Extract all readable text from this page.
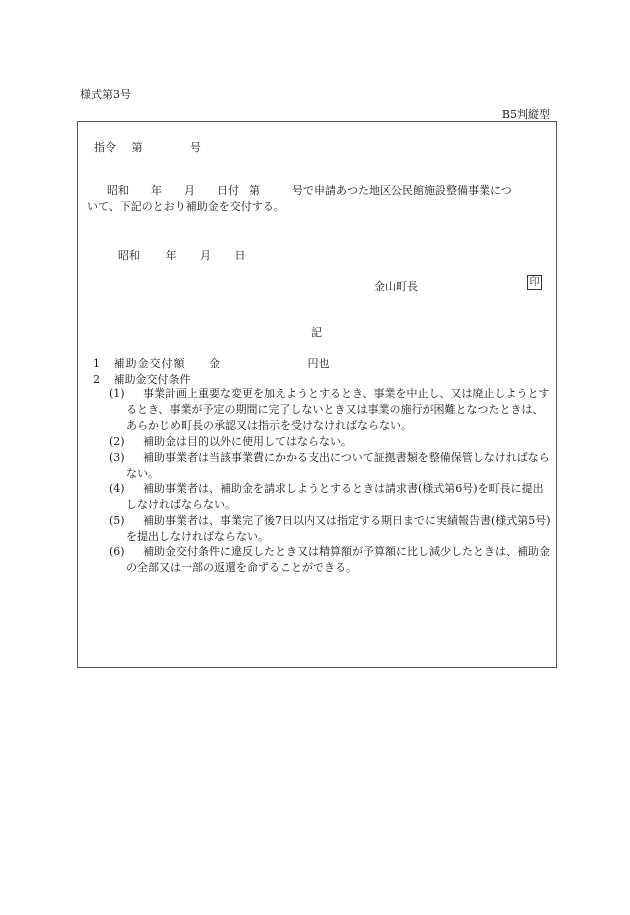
様式第3号
B5判縦型
指令 第	号
昭和 年 月 日付 第	号で申請あつた地区公民館施設整備事業につ
いて、下記のとおり補助金を交付する。
昭和 年 月 日
金山町長	印
記
1 補助金交付額 金	円也
2 補助金交付条件
(1)	事業計画上重要な変更を加えようとするとき、事業を中止し、又は廃止しようとするとき、事業が予定の期間に完了しないとき又は事業の施行が困難となつたときは、あらかじめ町長の承認又は指示を受けなければならない。
(2)	補助金は目的以外に使用してはならない。
(3)	補助事業者は当該事業費にかかる支出について証拠書類を整備保管しなければならない。
(4)	補助事業者は、補助金を請求しようとするときは請求書(様式第6号)を町長に提出しなければならない。
(5)	補助事業者は、事業完了後7日以内又は指定する期日までに実績報告書(様式第5号)を提出しなければならない。
(6)	補助金交付条件に違反したとき又は精算額が予算額に比し減少したときは、補助金の全部又は一部の返還を命ずることができる。
